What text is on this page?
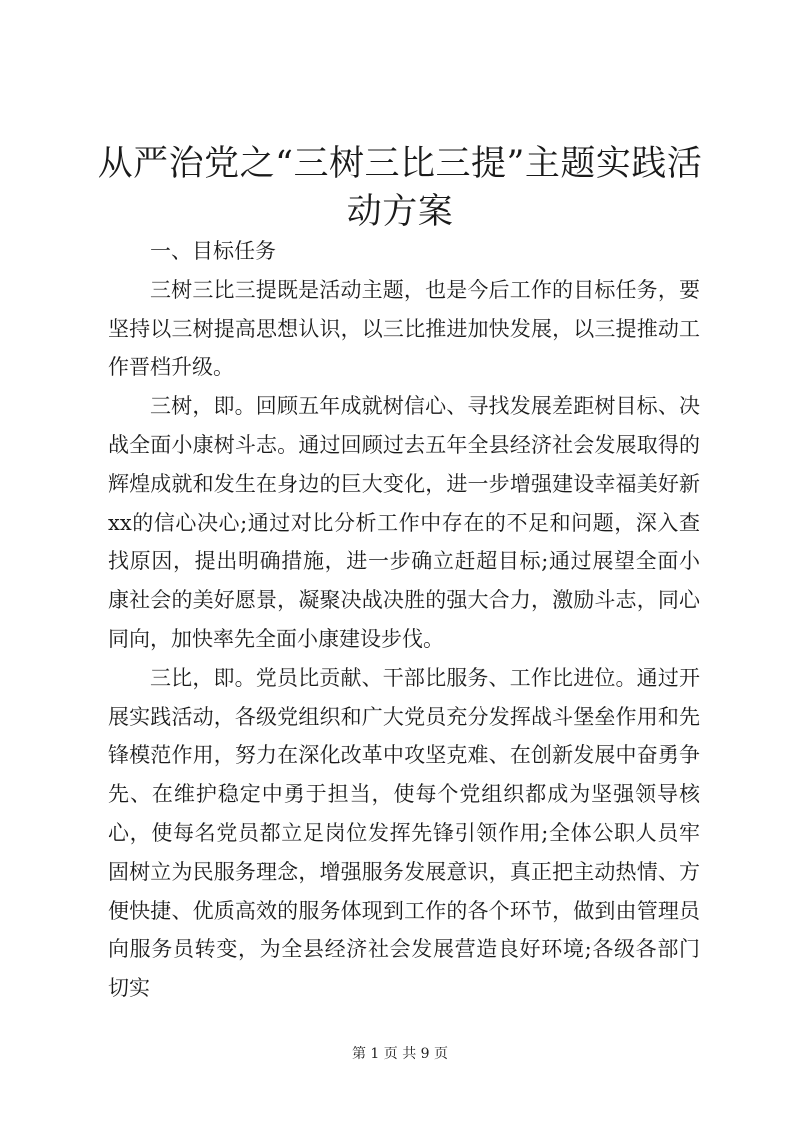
从严治党之“三树三比三提”主题实践活动方案

一、目标任务

三树三比三提既是活动主题，也是今后工作的目标任务，要坚持以三树提高思想认识，以三比推进加快发展，以三提推动工作晋档升级。

三树，即。回顾五年成就树信心、寻找发展差距树目标、决战全面小康树斗志。通过回顾过去五年全县经济社会发展取得的辉煌成就和发生在身边的巨大变化，进一步增强建设幸福美好新xx的信心决心;通过对比分析工作中存在的不足和问题，深入查找原因，提出明确措施，进一步确立赶超目标;通过展望全面小康社会的美好愿景，凝聚决战决胜的强大合力，激励斗志，同心同向，加快率先全面小康建设步伐。

三比，即。党员比贡献、干部比服务、工作比进位。通过开展实践活动，各级党组织和广大党员充分发挥战斗堡垒作用和先锋模范作用，努力在深化改革中攻坚克难、在创新发展中奋勇争先、在维护稳定中勇于担当，使每个党组织都成为坚强领导核心，使每名党员都立足岗位发挥先锋引领作用;全体公职人员牢固树立为民服务理念，增强服务发展意识，真正把主动热情、方便快捷、优质高效的服务体现到工作的各个环节，做到由管理员向服务员转变，为全县经济社会发展营造良好环境;各级各部门切实

第 1 页 共 9 页
